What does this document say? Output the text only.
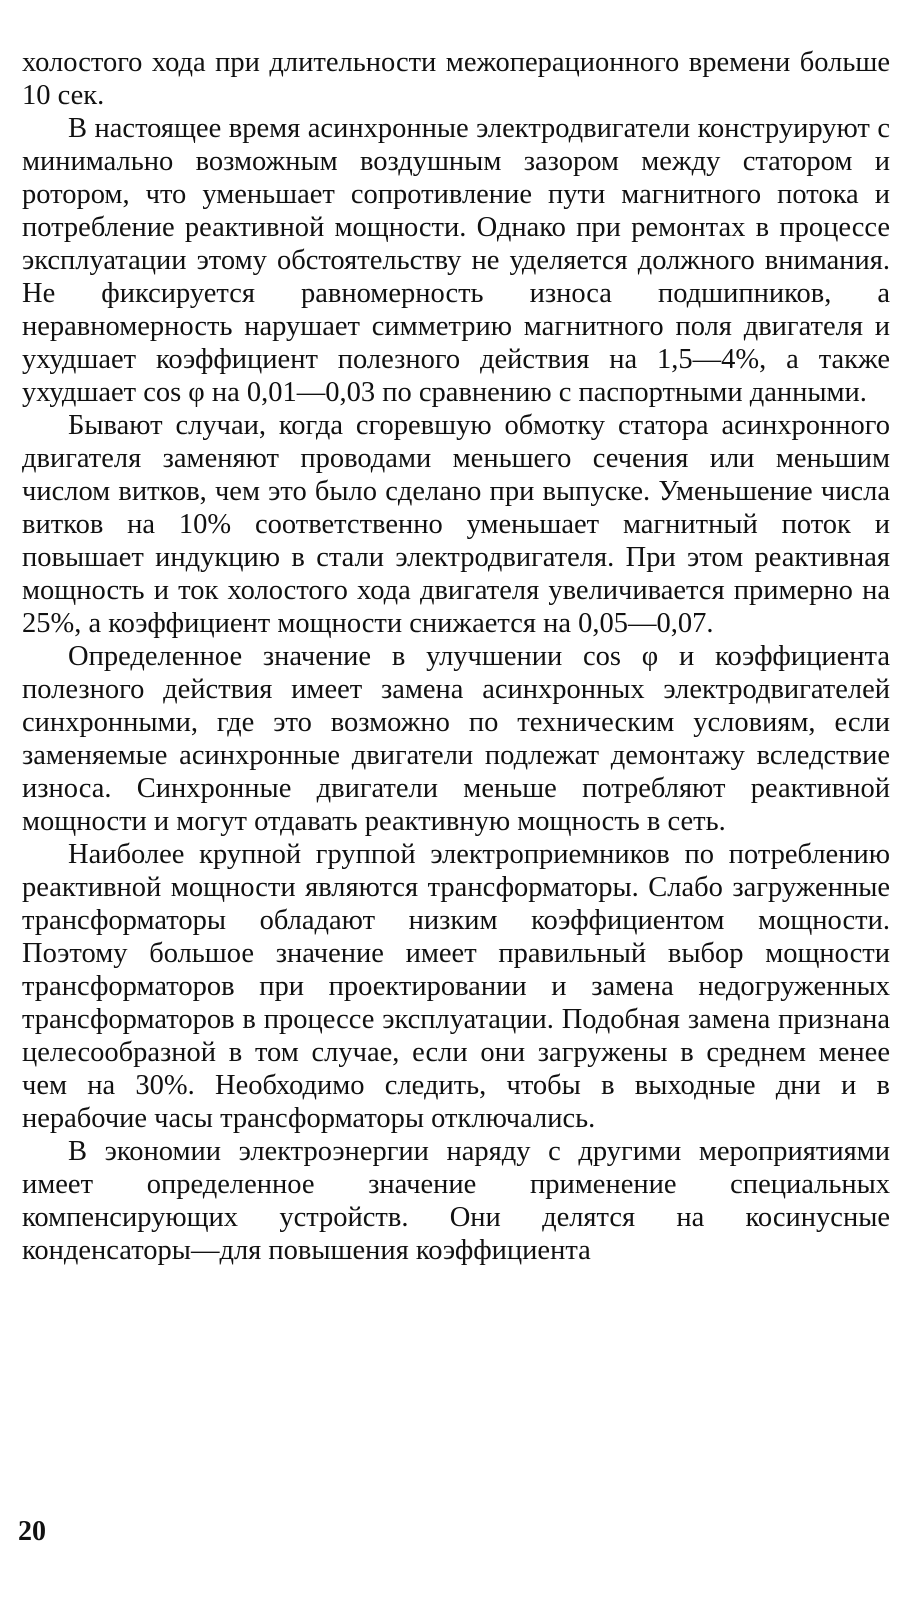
холостого хода при длительности межоперационного времени больше 10 сек.

В настоящее время асинхронные электродвигатели конструируют с минимально возможным воздушным зазором между статором и ротором, что уменьшает сопротивление пути магнитного потока и потребление реактивной мощности. Однако при ремонтах в процессе эксплуатации этому обстоятельству не уделяется должного внимания. Не фиксируется равномерность износа подшипников, а неравномерность нарушает симметрию магнитного поля двигателя и ухудшает коэффициент полезного действия на 1,5—4%, а также ухудшает cos φ на 0,01—0,03 по сравнению с паспортными данными.

Бывают случаи, когда сгоревшую обмотку статора асинхронного двигателя заменяют проводами меньшего сечения или меньшим числом витков, чем это было сделано при выпуске. Уменьшение числа витков на 10% соответственно уменьшает магнитный поток и повышает индукцию в стали электродвигателя. При этом реактивная мощность и ток холостого хода двигателя увеличивается примерно на 25%, а коэффициент мощности снижается на 0,05—0,07.

Определенное значение в улучшении cos φ и коэффициента полезного действия имеет замена асинхронных электродвигателей синхронными, где это возможно по техническим условиям, если заменяемые асинхронные двигатели подлежат демонтажу вследствие износа. Синхронные двигатели меньше потребляют реактивной мощности и могут отдавать реактивную мощность в сеть.

Наиболее крупной группой электроприемников по потреблению реактивной мощности являются трансформаторы. Слабо загруженные трансформаторы обладают низким коэффициентом мощности. Поэтому большое значение имеет правильный выбор мощности трансформаторов при проектировании и замена недогруженных трансформаторов в процессе эксплуатации. Подобная замена признана целесообразной в том случае, если они загружены в среднем менее чем на 30%. Необходимо следить, чтобы в выходные дни и в нерабочие часы трансформаторы отключались.

В экономии электроэнергии наряду с другими мероприятиями имеет определенное значение применение специальных компенсирующих устройств. Они делятся на косинусные конденсаторы—для повышения коэффициента

20
